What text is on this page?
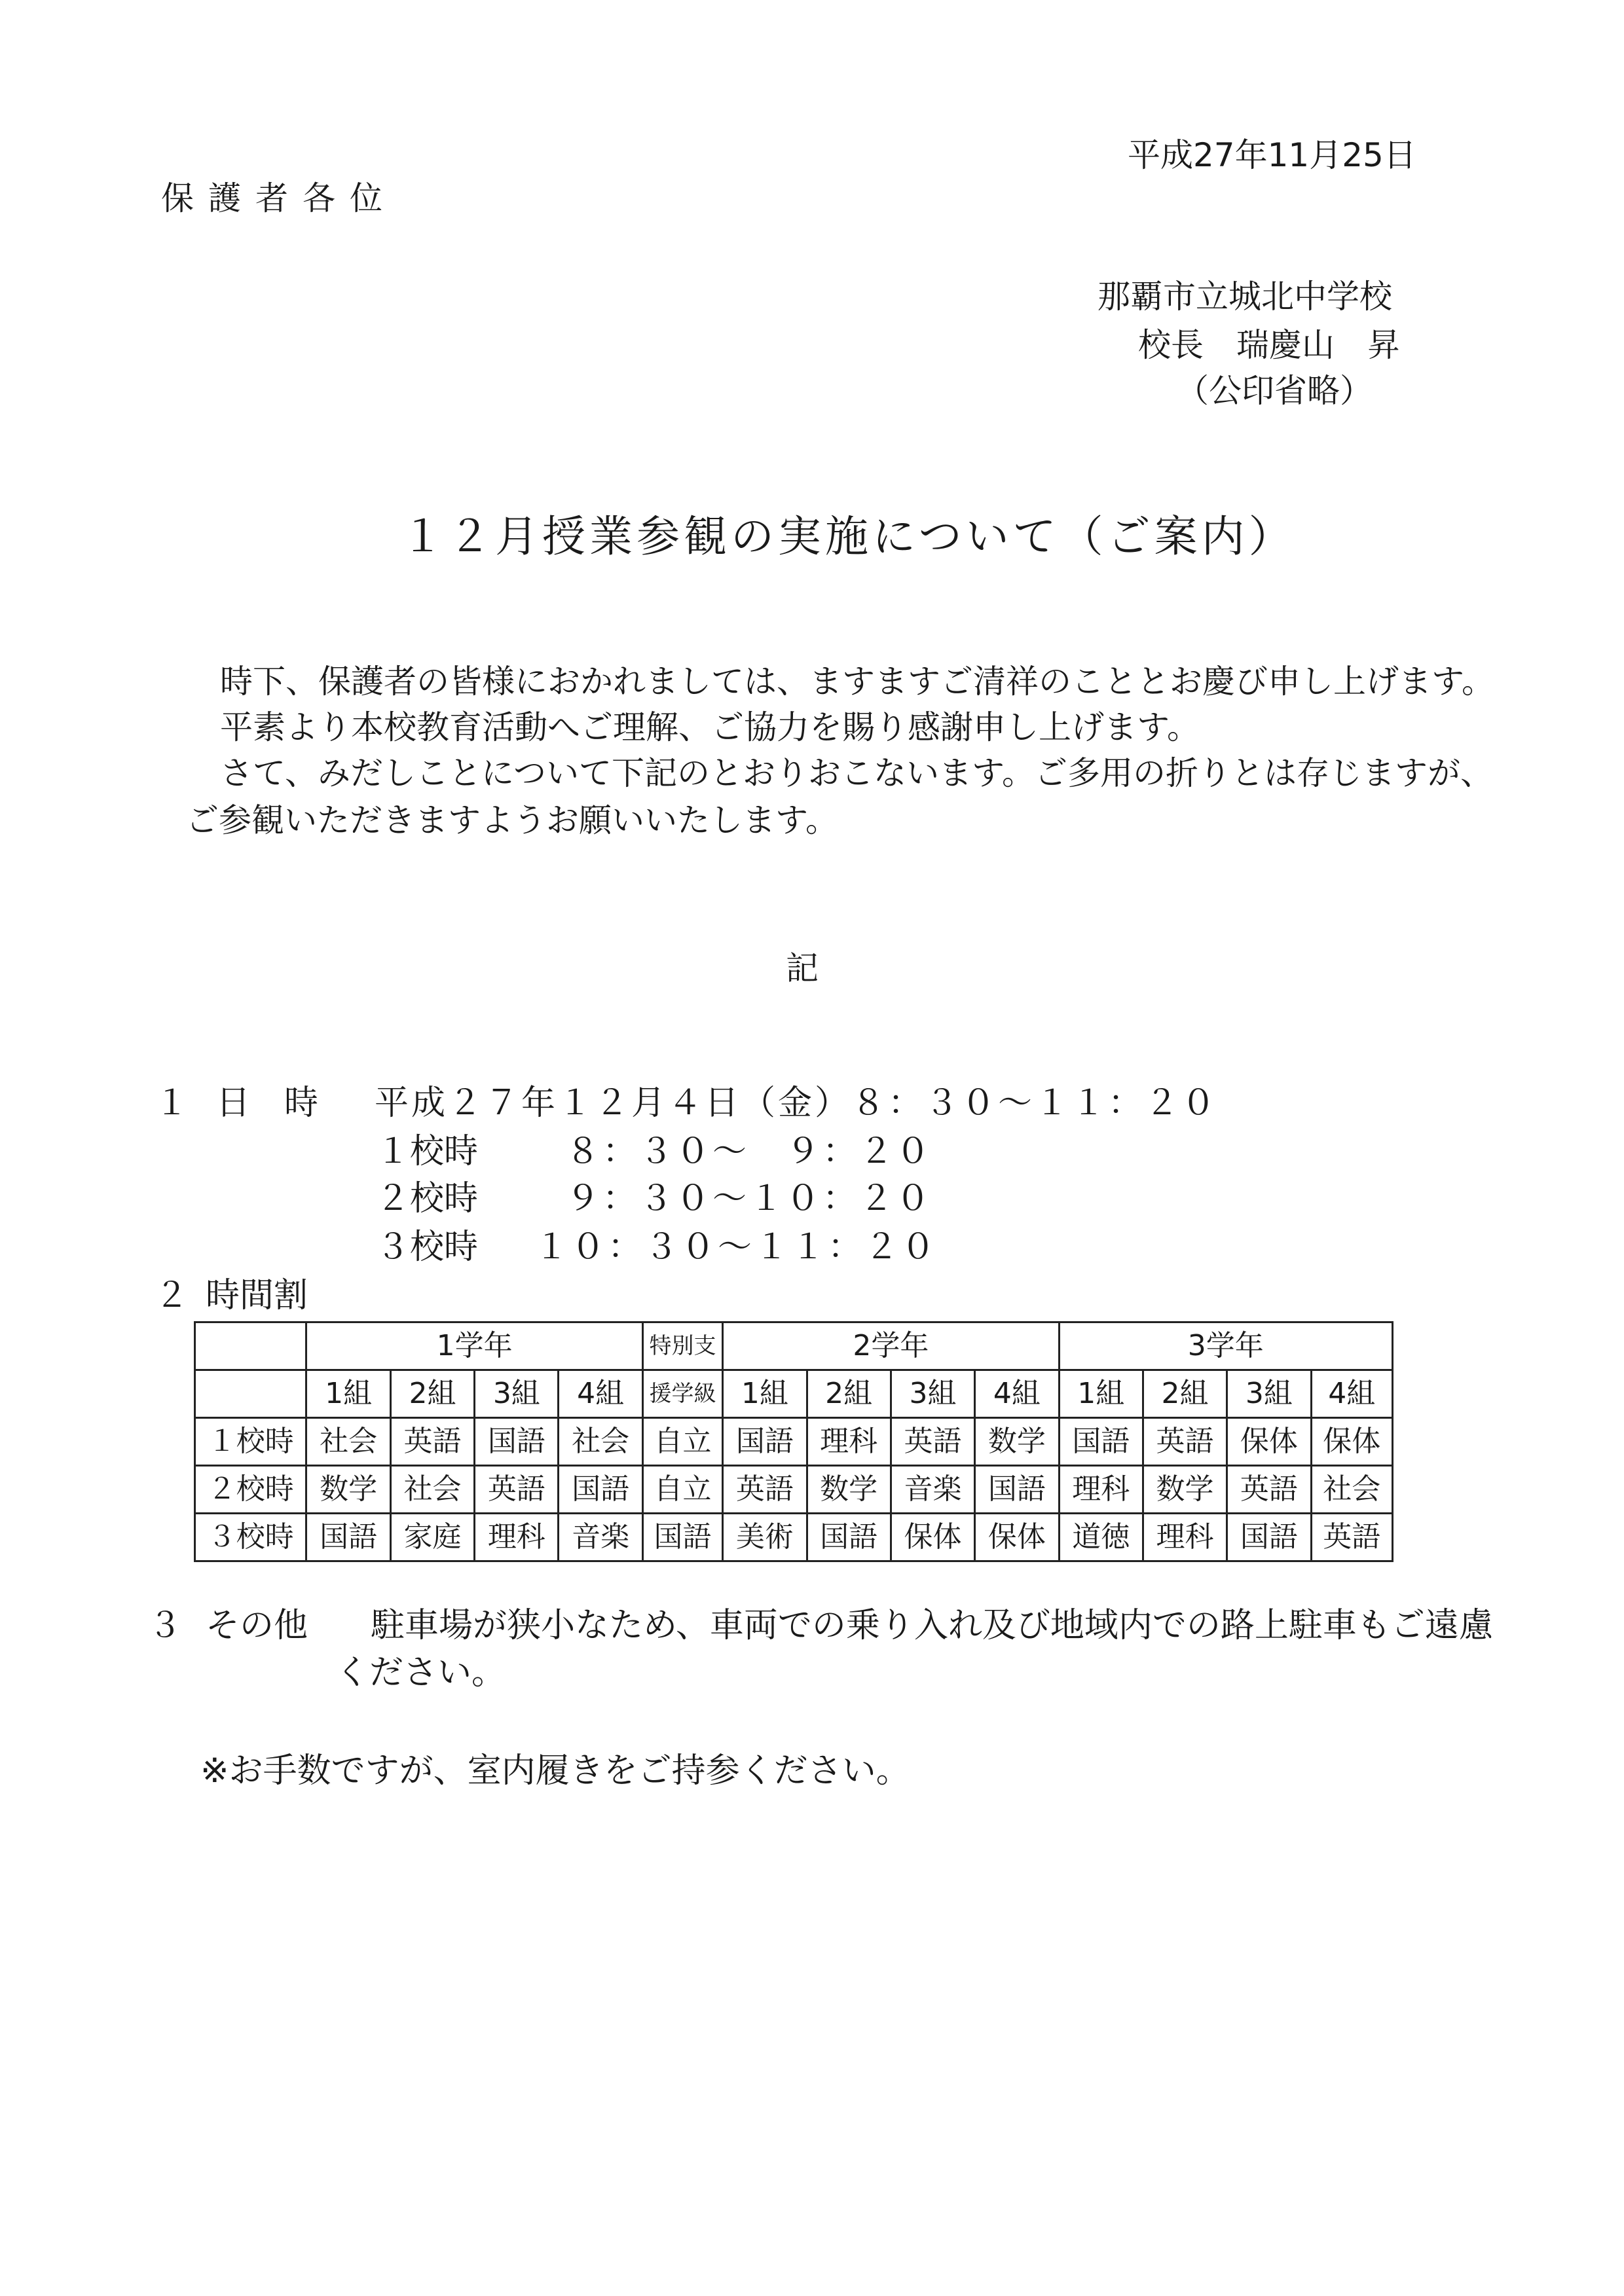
平成27年11月25日
保護者各位
那覇市立城北中学校
校長　瑞慶山　昇
（公印省略）
１２月授業参観の実施について（ご案内）
時下、保護者の皆様におかれましては、ますますご清祥のこととお慶び申し上げます。
平素より本校教育活動へご理解、ご協力を賜り感謝申し上げます。
さて、みだしことについて下記のとおりおこないます。ご多用の折りとは存じますが、
ご参観いただきますようお願いいたします。
記
１ 日　時 平成２７年１２月４日（金）８：３０～１１：２０
１校時	８：３０～　９：２０
２校時	９：３０～１０：２０
３校時 １０：３０～１１：２０
２ 時間割
	1学年				特別支	2学年				3学年			
	1組	2組	3組	4組	援学級	1組	2組	3組	4組	1組	2組	3組	4組
１校時	社会	英語	国語	社会	自立	国語	理科	英語	数学	国語	英語	保体	保体
２校時	数学	社会	英語	国語	自立	英語	数学	音楽	国語	理科	数学	英語	社会
３校時	国語	家庭	理科	音楽	国語	美術	国語	保体	保体	道徳	理科	国語	英語
３ その他 駐車場が狭小なため、車両での乗り入れ及び地域内での路上駐車もご遠慮
ください。
※お手数ですが、室内履きをご持参ください。
